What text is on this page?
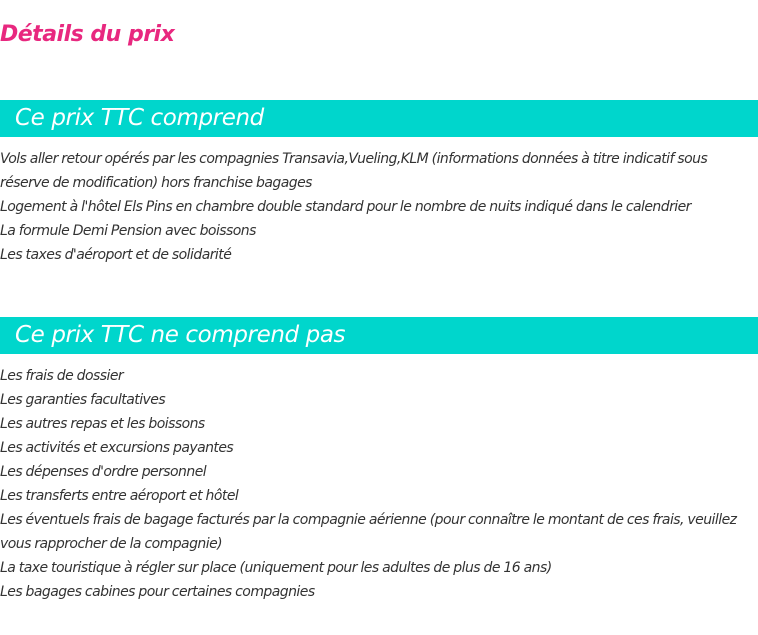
Détails du prix
Ce prix TTC comprend
Vols aller retour opérés par les compagnies Transavia,Vueling,KLM (informations données à titre indicatif sous réserve de modification) hors franchise bagages
Logement à l'hôtel Els Pins en chambre double standard pour le nombre de nuits indiqué dans le calendrier
La formule Demi Pension avec boissons
Les taxes d'aéroport et de solidarité
Ce prix TTC ne comprend pas
Les frais de dossier
Les garanties facultatives
Les autres repas et les boissons
Les activités et excursions payantes
Les dépenses d'ordre personnel
Les transferts entre aéroport et hôtel
Les éventuels frais de bagage facturés par la compagnie aérienne (pour connaître le montant de ces frais, veuillez vous rapprocher de la compagnie)
La taxe touristique à régler sur place (uniquement pour les adultes de plus de 16 ans)
Les bagages cabines pour certaines compagnies
